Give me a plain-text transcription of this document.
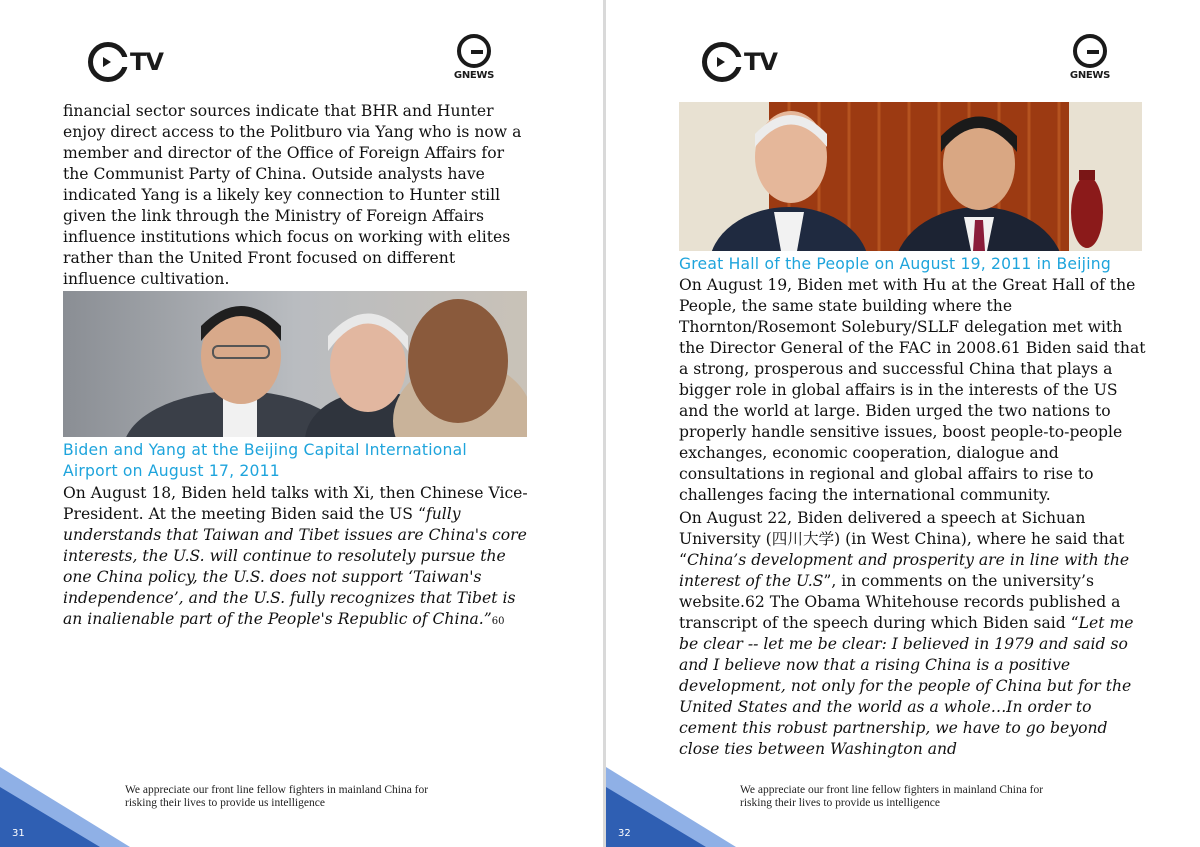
TV	GNEWS

financial sector sources indicate that BHR and Hunter enjoy direct access to the Politburo via Yang who is now a member and director of the Office of Foreign Affairs for the Communist Party of China. Outside analysts have indicated Yang is a likely key connection to Hunter still given the link through the Ministry of Foreign Affairs influence institutions which focus on working with elites rather than the United Front focused on different influence cultivation.

Biden and Yang at the Beijing Capital International Airport on August 17, 2011

On August 18, Biden held talks with Xi, then Chinese Vice-President. At the meeting Biden said the US “fully understands that Taiwan and Tibet issues are China's core interests, the U.S. will continue to resolutely pursue the one China policy, the U.S. does not support ‘Taiwan's independence’, and the U.S. fully recognizes that Tibet is an inalienable part of the People's Republic of China.”60

We appreciate our front line fellow fighters in mainland China for risking their lives to provide us intelligence
31
TV	GNEWS

Great Hall of the People on August 19, 2011 in Beijing

On August 19, Biden met with Hu at the Great Hall of the People, the same state building where the Thornton/Rosemont Solebury/SLLF delegation met with the Director General of the FAC in 2008.61 Biden said that a strong, prosperous and successful China that plays a bigger role in global affairs is in the interests of the US and the world at large. Biden urged the two nations to properly handle sensitive issues, boost people-to-people exchanges, economic cooperation, dialogue and consultations in regional and global affairs to rise to challenges facing the international community.

On August 22, Biden delivered a speech at Sichuan University (四川大学) (in West China), where he said that “China’s development and prosperity are in line with the interest of the U.S”, in comments on the university’s website.62 The Obama Whitehouse records published a transcript of the speech during which Biden said “Let me be clear -- let me be clear: I believed in 1979 and said so and I believe now that a rising China is a positive development, not only for the people of China but for the United States and the world as a whole…In order to cement this robust partnership, we have to go beyond close ties between Washington and

We appreciate our front line fellow fighters in mainland China for risking their lives to provide us intelligence
32
